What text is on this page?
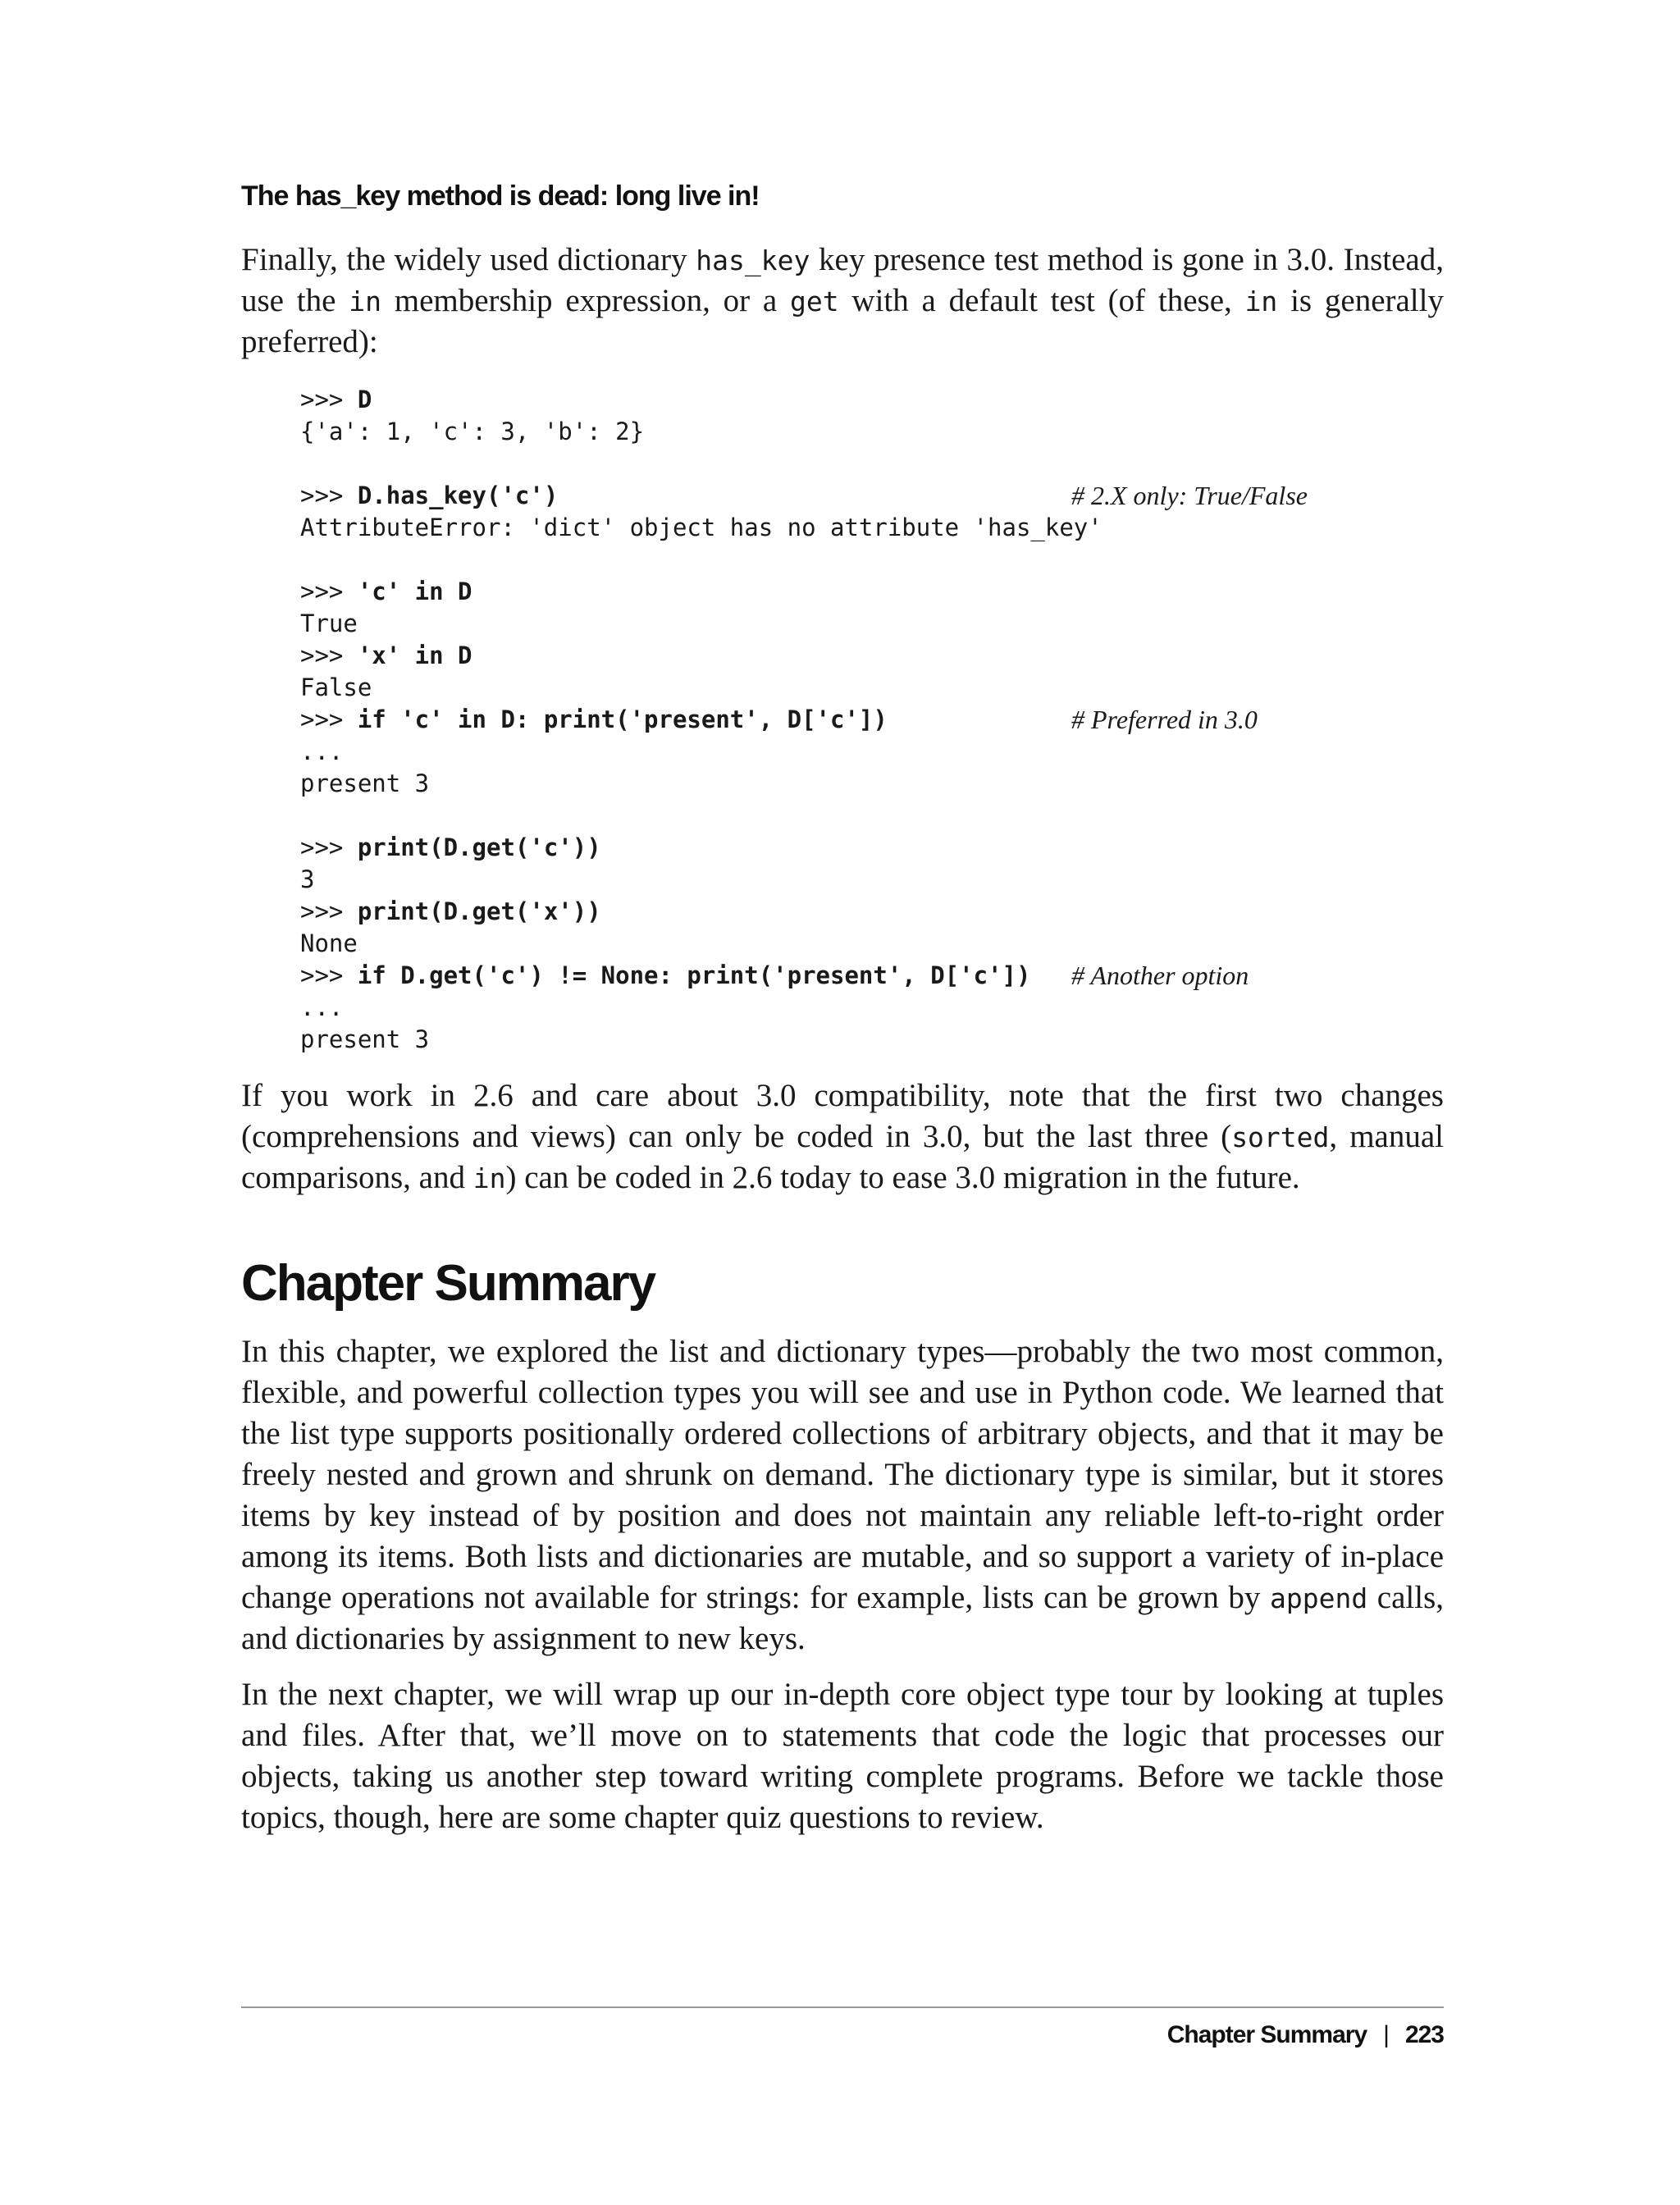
The has_key method is dead: long live in!

Finally, the widely used dictionary has_key key presence test method is gone in 3.0. Instead, use the in membership expression, or a get with a default test (of these, in is generally preferred):

>>> D
{'a': 1, 'c': 3, 'b': 2}
>>> D.has_key('c')	# 2.X only: True/False
AttributeError: 'dict' object has no attribute 'has_key'
>>> 'c' in D
True
>>> 'x' in D
False
>>> if 'c' in D: print('present', D['c'])	# Preferred in 3.0
...
present 3
>>> print(D.get('c'))
3
>>> print(D.get('x'))
None
>>> if D.get('c') != None: print('present', D['c']) # Another option
...
present 3

If you work in 2.6 and care about 3.0 compatibility, note that the first two changes (comprehensions and views) can only be coded in 3.0, but the last three (sorted, manual comparisons, and in) can be coded in 2.6 today to ease 3.0 migration in the future.

Chapter Summary

In this chapter, we explored the list and dictionary types—probably the two most common, flexible, and powerful collection types you will see and use in Python code. We learned that the list type supports positionally ordered collections of arbitrary objects, and that it may be freely nested and grown and shrunk on demand. The dictionary type is similar, but it stores items by key instead of by position and does not maintain any reliable left-to-right order among its items. Both lists and dictionaries are mutable, and so support a variety of in-place change operations not available for strings: for example, lists can be grown by append calls, and dictionaries by assignment to new keys.

In the next chapter, we will wrap up our in-depth core object type tour by looking at tuples and files. After that, we’ll move on to statements that code the logic that processes our objects, taking us another step toward writing complete programs. Before we tackle those topics, though, here are some chapter quiz questions to review.

Chapter Summary | 223
